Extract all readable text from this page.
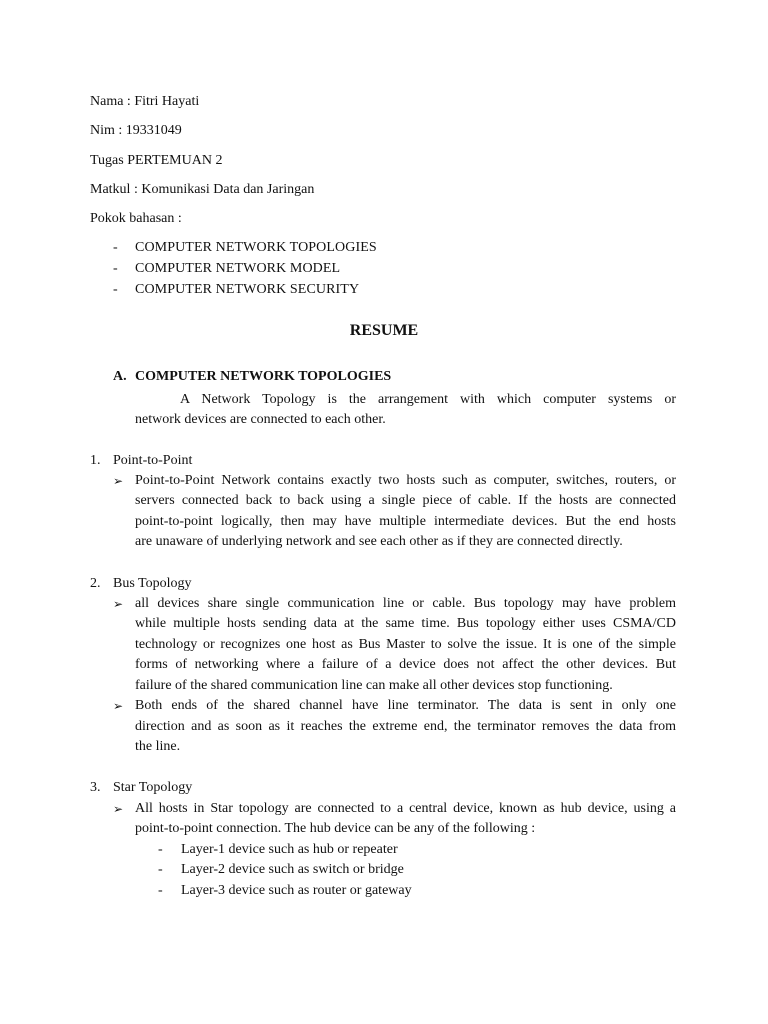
Nama : Fitri Hayati
Nim : 19331049
Tugas PERTEMUAN 2
Matkul : Komunikasi Data dan Jaringan
Pokok bahasan :
- COMPUTER NETWORK TOPOLOGIES
- COMPUTER NETWORK MODEL
- COMPUTER NETWORK SECURITY
RESUME
A. COMPUTER NETWORK TOPOLOGIES
A Network Topology is the arrangement with which computer systems or
network devices are connected to each other.
1. Point-to-Point
➢ Point-to-Point Network contains exactly two hosts such as computer, switches, routers, or
servers connected back to back using a single piece of cable. If the hosts are connected
point-to-point logically, then may have multiple intermediate devices. But the end hosts
are unaware of underlying network and see each other as if they are connected directly.
2. Bus Topology
➢ all devices share single communication line or cable. Bus topology may have problem
while multiple hosts sending data at the same time. Bus topology either uses CSMA/CD
technology or recognizes one host as Bus Master to solve the issue. It is one of the simple
forms of networking where a failure of a device does not affect the other devices. But
failure of the shared communication line can make all other devices stop functioning.
➢ Both ends of the shared channel have line terminator. The data is sent in only one
direction and as soon as it reaches the extreme end, the terminator removes the data from
the line.
3. Star Topology
➢ All hosts in Star topology are connected to a central device, known as hub device, using a
point-to-point connection. The hub device can be any of the following :
- Layer-1 device such as hub or repeater
- Layer-2 device such as switch or bridge
- Layer-3 device such as router or gateway
